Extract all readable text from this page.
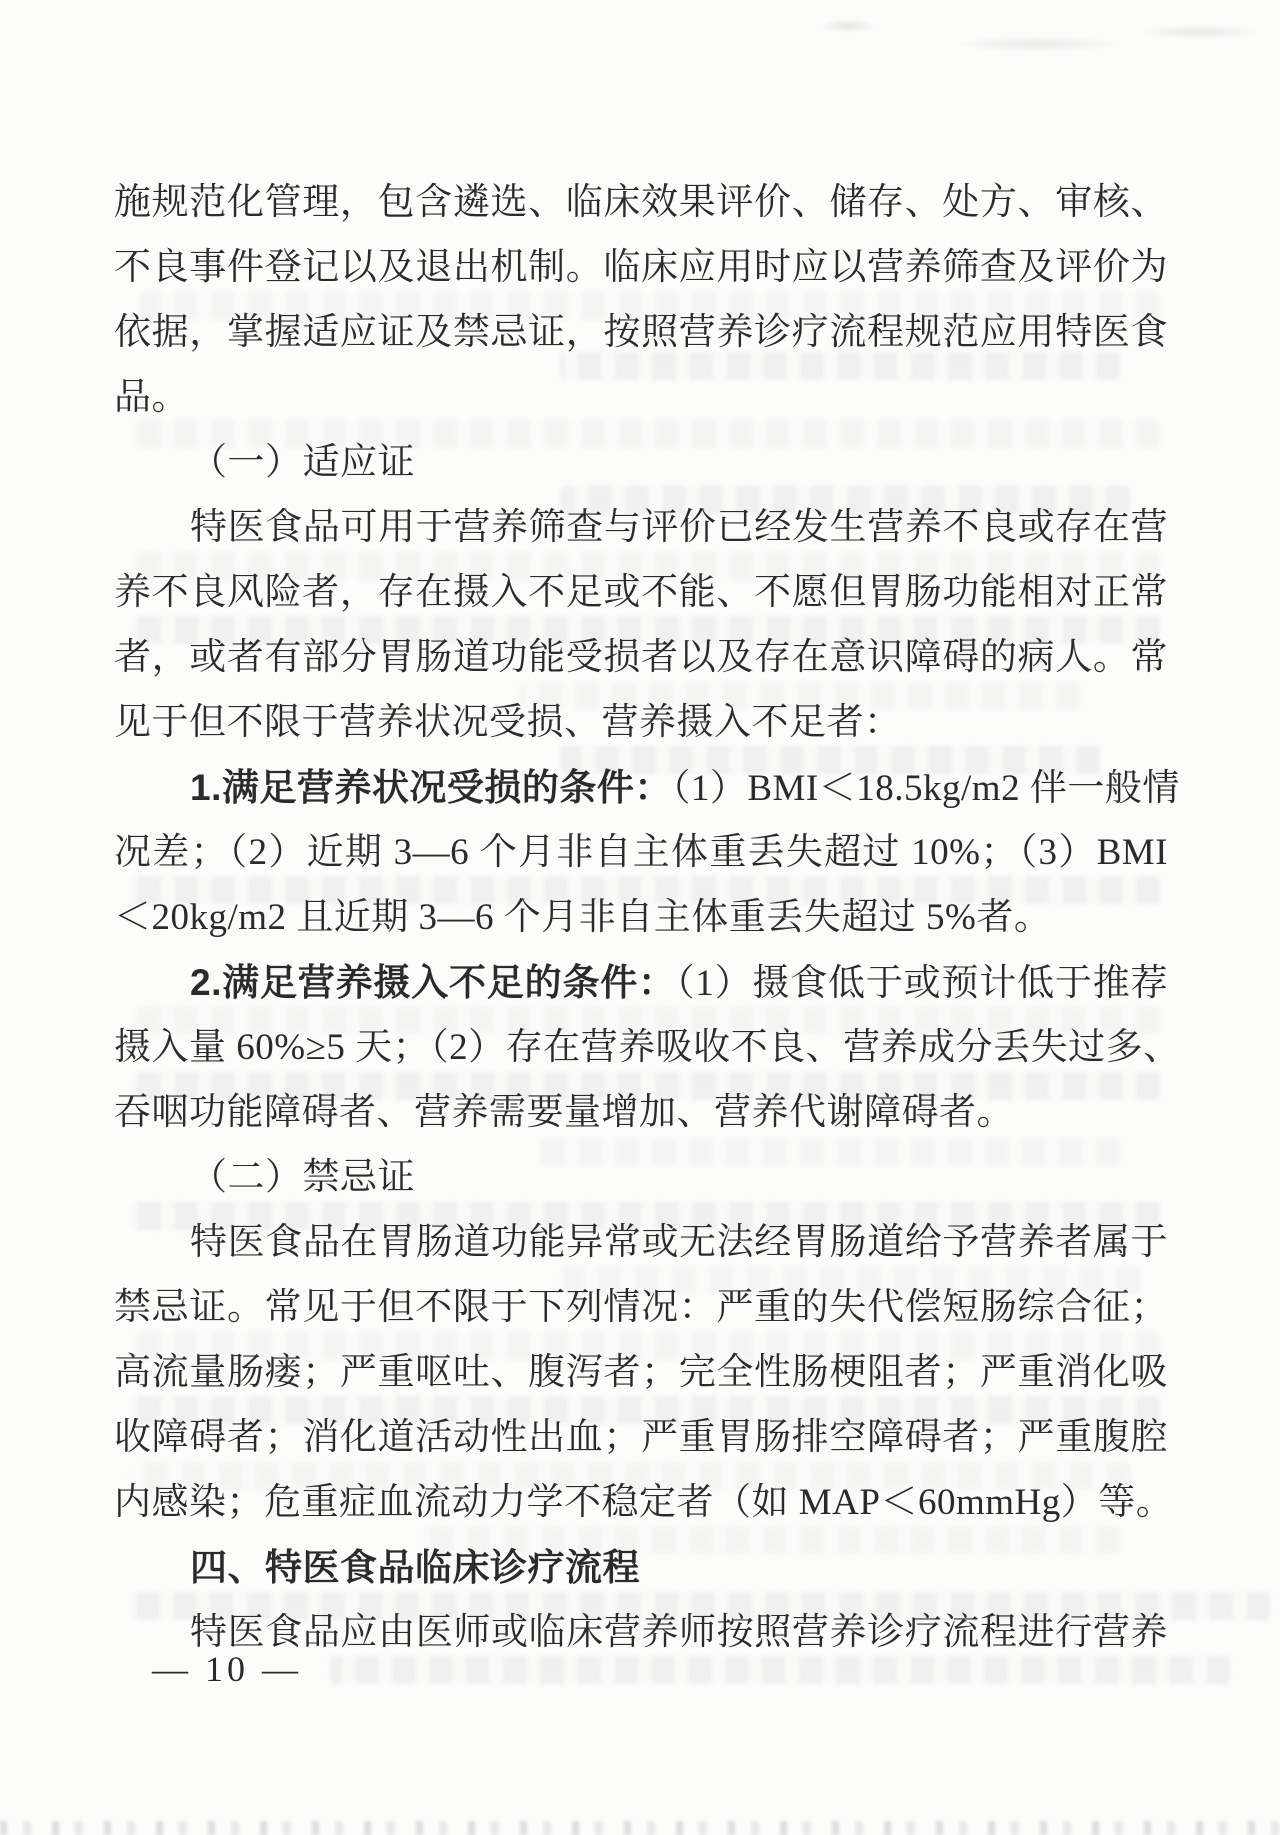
施规范化管理，包含遴选、临床效果评价、储存、处方、审核、
不良事件登记以及退出机制。临床应用时应以营养筛查及评价为
依据，掌握适应证及禁忌证，按照营养诊疗流程规范应用特医食
品。
（一）适应证
特医食品可用于营养筛查与评价已经发生营养不良或存在营
养不良风险者，存在摄入不足或不能、不愿但胃肠功能相对正常
者，或者有部分胃肠道功能受损者以及存在意识障碍的病人。常
见于但不限于营养状况受损、营养摄入不足者：
1.满足营养状况受损的条件：（1）BMI＜18.5kg/m2 伴一般情
况差；（2）近期 3—6 个月非自主体重丢失超过 10%；（3）BMI
＜20kg/m2 且近期 3—6 个月非自主体重丢失超过 5%者。
2.满足营养摄入不足的条件：（1）摄食低于或预计低于推荐
摄入量 60%≥5 天；（2）存在营养吸收不良、营养成分丢失过多、
吞咽功能障碍者、营养需要量增加、营养代谢障碍者。
（二）禁忌证
特医食品在胃肠道功能异常或无法经胃肠道给予营养者属于
禁忌证。常见于但不限于下列情况：严重的失代偿短肠综合征；
高流量肠瘘；严重呕吐、腹泻者；完全性肠梗阻者；严重消化吸
收障碍者；消化道活动性出血；严重胃肠排空障碍者；严重腹腔
内感染；危重症血流动力学不稳定者（如 MAP＜60mmHg）等。
四、特医食品临床诊疗流程
特医食品应由医师或临床营养师按照营养诊疗流程进行营养
— 10 —
